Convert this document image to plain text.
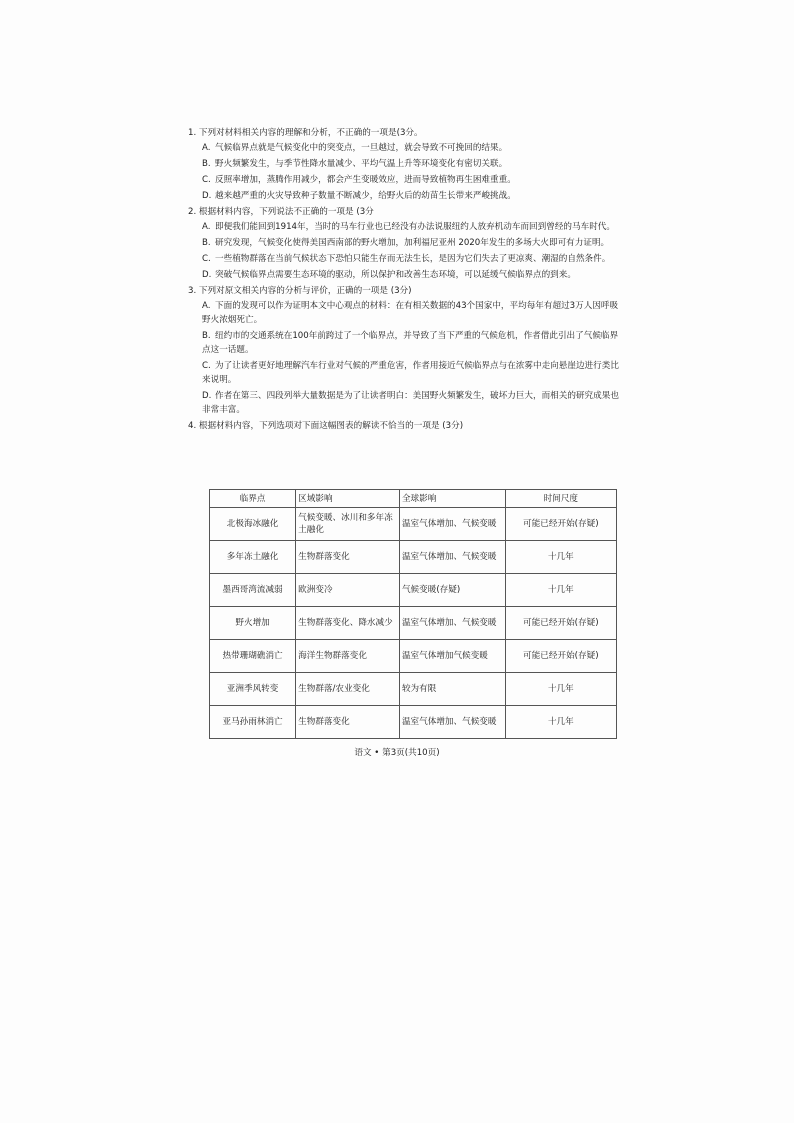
1. 下列对材料相关内容的理解和分析，不正确的一项是(3分。
A. 气候临界点就是气候变化中的突变点，一旦越过，就会导致不可挽回的结果。
B. 野火频繁发生，与季节性降水量减少、平均气温上升等环境变化有密切关联。
C. 反照率增加，蒸腾作用减少，都会产生变暖效应，进而导致植物再生困难重重。
D. 越来越严重的火灾导致种子数量不断减少，给野火后的幼苗生长带来严峻挑战。
2. 根据材料内容，下列说法不正确的一项是 (3分
A. 即便我们能回到1914年，当时的马车行业也已经没有办法说服纽约人放弃机动车而回到曾经的马车时代。
B. 研究发现，气候变化使得美国西南部的野火增加，加利福尼亚州 2020年发生的多场大火即可有力证明。
C. 一些植物群落在当前气候状态下恐怕只能生存而无法生长，是因为它们失去了更凉爽、潮湿的自然条件。
D. 突破气候临界点需要生态环境的驱动，所以保护和改善生态环境，可以延缓气候临界点的到来。
3. 下列对原文相关内容的分析与评价，正确的一项是 (3分)
A. 下面的发现可以作为证明本文中心观点的材料：在有相关数据的43个国家中，平均每年有超过3万人因呼吸野火浓烟死亡。
B. 纽约市的交通系统在100年前跨过了一个临界点，并导致了当下严重的气候危机，作者借此引出了气候临界点这一话题。
C. 为了让读者更好地理解汽车行业对气候的严重危害，作者用接近气候临界点与在浓雾中走向悬崖边进行类比来说明。
D. 作者在第三、四段列举大量数据是为了让读者明白：美国野火频繁发生，破坏力巨大，而相关的研究成果也非常丰富。
4. 根据材料内容，下列选项对下面这幅图表的解读不恰当的一项是 (3分)
临界点	区域影响	全球影响	时间尺度
北极海冰融化	气候变暖、冰川和多年冻土融化	温室气体增加、气候变暖	可能已经开始(存疑)
多年冻土融化	生物群落变化	温室气体增加、气候变暖	十几年
墨西哥湾流减弱	欧洲变冷	气候变暖(存疑)	十几年
野火增加	生物群落变化、降水减少	温室气体增加、气候变暖	可能已经开始(存疑)
热带珊瑚礁消亡	海洋生物群落变化	温室气体增加气候变暖	可能已经开始(存疑)
亚洲季风转变	生物群落/农业变化	较为有限	十几年
亚马孙雨林消亡	生物群落变化	温室气体增加、气候变暖	十几年
语文 • 第3页(共10页)
